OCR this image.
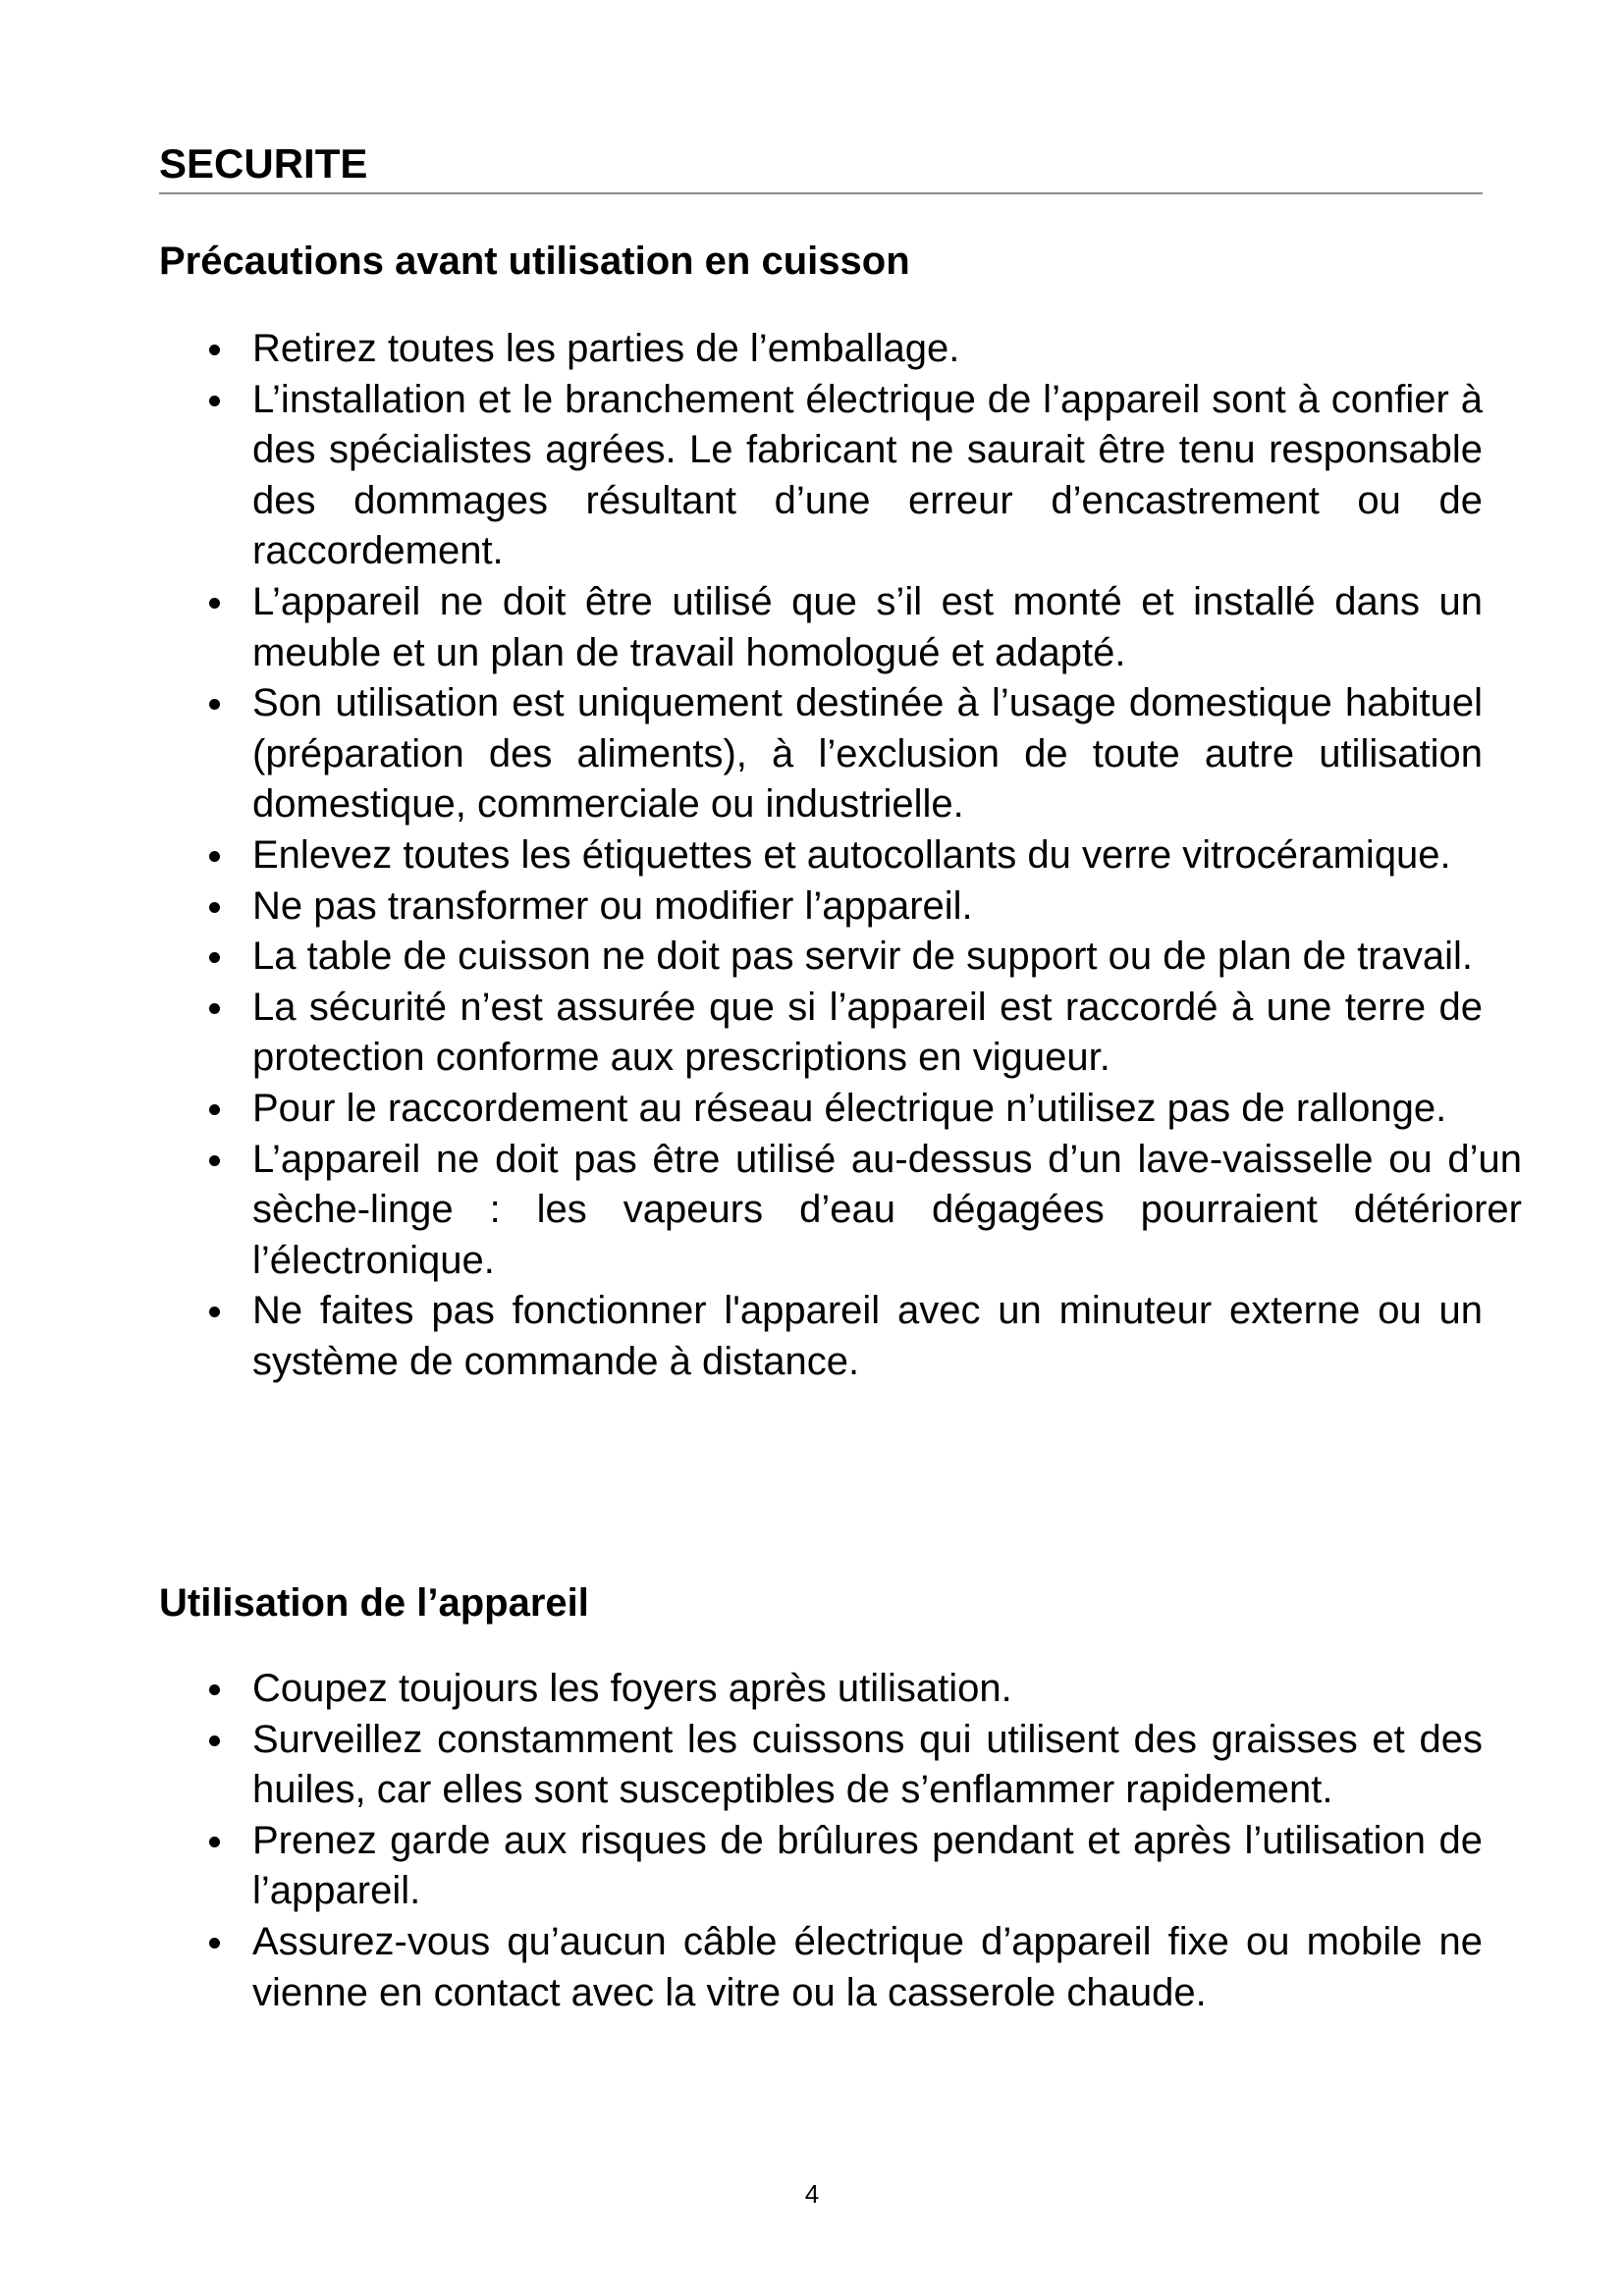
SECURITE
Précautions avant utilisation en cuisson
Retirez toutes les parties de l’emballage.
L’installation et le branchement électrique de l’appareil sont à confier à des spécialistes agrées. Le fabricant ne saurait être tenu responsable des dommages résultant d’une erreur d’encastrement ou de raccordement.
L’appareil ne doit être utilisé que s’il est monté et installé dans un meuble et un plan de travail homologué et adapté.
Son utilisation est uniquement destinée à l’usage domestique habituel (préparation des aliments), à l’exclusion de toute autre utilisation domestique, commerciale ou industrielle.
Enlevez toutes les étiquettes et autocollants du verre vitrocéramique.
Ne pas transformer ou modifier l’appareil.
La table de cuisson ne doit pas servir de support ou de plan de travail.
La sécurité n’est assurée que si l’appareil est raccordé à une terre de protection conforme aux prescriptions en vigueur.
Pour le raccordement au réseau électrique n’utilisez pas de rallonge.
L’appareil ne doit pas être utilisé au-dessus d’un lave-vaisselle ou d’un sèche-linge : les vapeurs d’eau dégagées pourraient détériorer l’électronique.
Ne faites pas fonctionner l'appareil avec un minuteur externe ou un système de commande à distance.
Utilisation de l’appareil
Coupez toujours les foyers après utilisation.
Surveillez constamment les cuissons qui utilisent des graisses et des huiles, car elles sont susceptibles de s’enflammer rapidement.
Prenez garde aux risques de brûlures pendant et après l’utilisation de l’appareil.
Assurez-vous qu’aucun câble électrique d’appareil fixe ou mobile ne vienne en contact avec la vitre ou la casserole chaude.
4
